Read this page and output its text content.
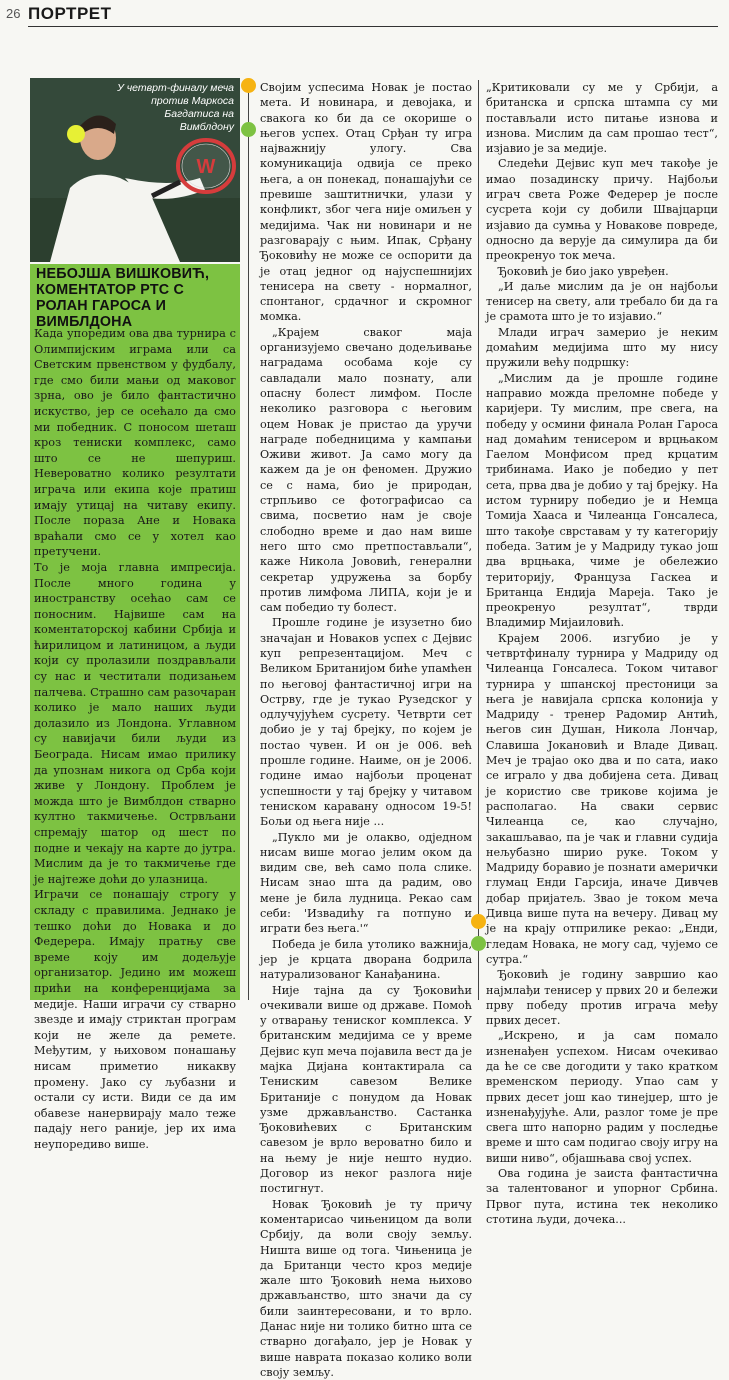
26 ПОРТРЕТ
W
У четврт-финалу меча против Маркоса Багдатиса на Вимблдону
НЕБОЈША ВИШКОВИЋ, КОМЕНТАТОР РТС С РОЛАН ГАРОСА И ВИМБЛДОНА

Када упоредим ова два турнира с Олимпијским играма или са Светским првенством у фудбалу, где смо били мањи од маковог зрна, ово је било фантастично искуство, јер се осећало да смо ми победник. С поносом шеташ кроз тениски комплекс, само што се не шепуриш. Невероватно колико резултати играча или екипа које пратиш имају утицај на читаву екипу. После пораза Ане и Новака враћали смо се у хотел као претучени.

То је моја главна импресија. После много година у иностранству осећао сам се поносним. Највише сам на коментаторској кабини Србија и ћирилицом и латиницом, а људи који су пролазили поздрављали су нас и честитали подизањем палчева. Страшно сам разочаран колико је мало наших људи долазило из Лондона. Углавном су навијачи били људи из Београда. Нисам имао прилику да упознам никога од Срба који живе у Лондону. Проблем је можда што је Вимблдон стварно култно такмичење. Острвљани спремају шатор од шест по подне и чекају на карте до јутра. Мислим да је то такмичење где је најтеже доћи до улазница.

Играчи се понашају строгу у складу с правилима. Једнако је тешко доћи до Новака и до Федерера. Имају пратњу све време коју им додељује организатор. Једино им можеш прићи на конференцијама за медије. Наши играчи су стварно звезде и имају стриктан програм који не желе да ремете. Међутим, у њиховом понашању нисам приметио никакву промену. Јако су љубазни и остали су исти. Види се да им обавезе нанервирају мало теже падају него раније, јер их има неупоредиво више.

Својим успесима Новак је постао мета. И новинара, и девојака, и свакога ко би да се окорише о његов успех. Отац Срђан ту игра најважнију улогу. Сва комуникација одвија се преко њега, а он понекад, понашајући се превише заштитнички, улази у конфликт, због чега није омиљен у медијима. Чак ни новинари и не разговарају с њим. Ипак, Срђану Ђоковићу не може се оспорити да је отац једног од најуспешнијих тенисера на свету - нормалног, спонтаног, срдачног и скромног момка.

„Крајем сваког маја организујемо свечано додељивање наградама особама које су савладали мало познату, али опасну болест лимфом. После неколико разговора с његовим оцем Новак је пристао да уручи награде победницима у кампањи Оживи живот. Ја само могу да кажем да је он феномен. Дружио се с нама, био је природан, стрпљиво се фотографисао са свима, посветио нам је своје слободно време и дао нам више него што смо претпостављали“, каже Никола Јововић, генерални секретар удружења за борбу против лимфома ЛИПА, који је и сам победио ту болест.

Прошле године је изузетно био значајан и Новаков успех с Дејвис куп репрезентацијом. Меч с Великом Британијом биће упамћен по његовој фантастичној игри на Острву, где је тукао Рузедског у одлучујућем сусрету. Четврти сет добио је у тај брејку, по којем је постао чувен. И он је 006. већ прошле године. Наиме, он је 2006. године имао најбољи проценат успешности у тај брејку у читавом тениском каравану односом 19-5! Бољи од њега није ...

„Пукло ми је олакво, одједном нисам више могао јелим оком да видим све, већ само пола слике. Нисам знао шта да радим, ово мене је била лудница. Рекао сам себи: 'Извадићу га потпуно и играти без њега.'“

Победа је била утолико важнија, јер је крцата дворана бодрила натурализованог Канађанина.

Није тајна да су Ђоковићи очекивали више од државе. Помоћ у отварању тениског комплекса. У британским медијима се у време Дејвис куп меча појавила вест да је мајка Дијана контактирала са Тениским савезом Велике Британије с понудом да Новак узме држављанство. Састанка Ђоковићевих с Британским савезом је врло вероватно било и на њему је није нешто нудио. Договор из неког разлога није постигнут.

Новак Ђоковић је ту причу коментарисао чињеницом да воли Србију, да воли своју земљу. Ништа више од тога. Чињеница је да Британци често кроз медије жале што Ђоковић нема њихово држављанство, што значи да су били заинтересовани, и то врло. Данас није ни толико битно шта се стварно догађало, јер је Новак у више наврата показао колико воли своју земљу.

„Критиковали су ме у Србији, а британска и српска штампа су ми постављали исто питање изнова и изнова. Мислим да сам прошао тест“, изјавио је за медије.

Следећи Дејвис куп меч такође је имао позадинску причу. Најбољи играч света Роже Федерер је после сусрета који су добили Швајцарци изјавио да сумња у Новакове повреде, односно да верује да симулира да би преокренуо ток меча.

Ђоковић је био јако увређен.

„И даље мислим да је он најбољи тенисер на свету, али требало би да га је срамота што је то изјавио.“

Млади играч замерио је неким домаћим медијима што му нису пружили већу подршку:

„Мислим да је прошле године направио можда преломне победе у каријери. Ту мислим, пре свега, на победу у осмини финала Ролан Гароса над домаћим тенисером и врцњаком Гаелом Монфисом пред крцатим трибинама. Иако је победио у пет сета, прва два је добио у тај брејку. На истом турниру победио је и Немца Томија Хааса и Чилеанца Гонсалеса, што такође сврставам у ту категорију победа. Затим је у Мадриду тукао још два врцњака, чиме је обележио територију, Французa Гаскеа и Британца Ендија Мареја. Тако је преокренуо резултат“, тврди Владимир Мијаиловић.

Крајем 2006. изгубио је у четвртфиналу турнира у Мадриду од Чилеанца Гонсалеса. Током читавог турнира у шпанској престоници за њега је навијала српска колонија у Мадриду - тренер Радомир Антић, његов син Душан, Никола Лончар, Славиша Јокановић и Владе Дивац. Меч је трајао око два и по сата, иако се играло у два добијена сета. Дивац је користио све трикове којима је располагао. На сваки сервис Чилеанца се, као случајно, закашљавао, па је чак и главни судија нељубазно ширио руке. Током у Мадриду боравио је познати амерички глумац Енди Гарсија, иначе Дивчев добар пријатељ. Зваo је током меча Дивца више пута на вечеру. Дивац му је на крају отприлике рекао: „Енди, гледам Новака, не могу сад, чујемо се сутра.“

Ђоковић је годину завршио као најмлађи тенисер у првих 20 и бележи прву победу против играча међу првих десет.

„Искрено, и ја сам помало изненађен успехом. Нисам очекивао да ће се све догодити у тако кратком временском периоду. Упао сам у првих десет још као тинејџер, што је изненађујуће. Али, разлог томе је пре свега што напорно радим у последње време и што сам подигао своју игру на виши ниво“, објашњава свој успех.

Ова година је заиста фантастична за талентованог и упорног Србина. Првог пута, истина тек неколико стотина људи, дочека...
